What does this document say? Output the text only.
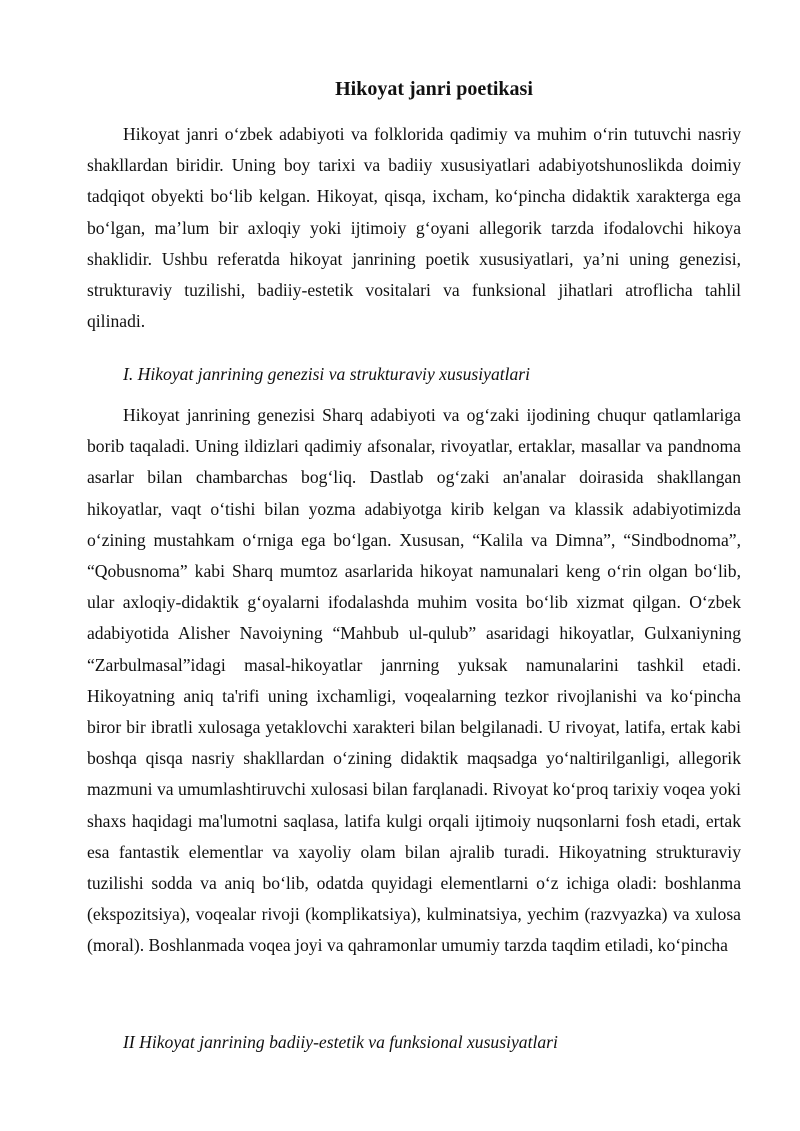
Hikoyat janri poetikasi

Hikoyat janri o‘zbek adabiyoti va folklorida qadimiy va muhim o‘rin tutuvchi nasriy shakllardan biridir. Uning boy tarixi va badiiy xususiyatlari adabiyotshunoslikda doimiy tadqiqot obyekti bo‘lib kelgan. Hikoyat, qisqa, ixcham, ko‘pincha didaktik xarakterga ega bo‘lgan, ma’lum bir axloqiy yoki ijtimoiy g‘oyani allegorik tarzda ifodalovchi hikoya shaklidir. Ushbu referatda hikoyat janrining poetik xususiyatlari, ya’ni uning genezisi, strukturaviy tuzilishi, badiiy-estetik vositalari va funksional jihatlari atroflicha tahlil qilinadi.

I. Hikoyat janrining genezisi va strukturaviy xususiyatlari

Hikoyat janrining genezisi Sharq adabiyoti va og‘zaki ijodining chuqur qatlamlariga borib taqaladi. Uning ildizlari qadimiy afsonalar, rivoyatlar, ertaklar, masallar va pandnoma asarlar bilan chambarchas bog‘liq. Dastlab og‘zaki an'analar doirasida shakllangan hikoyatlar, vaqt o‘tishi bilan yozma adabiyotga kirib kelgan va klassik adabiyotimizda o‘zining mustahkam o‘rniga ega bo‘lgan. Xususan, “Kalila va Dimna”, “Sindbodnoma”, “Qobusnoma” kabi Sharq mumtoz asarlarida hikoyat namunalari keng o‘rin olgan bo‘lib, ular axloqiy-didaktik g‘oyalarni ifodalashda muhim vosita bo‘lib xizmat qilgan. O‘zbek adabiyotida Alisher Navoiyning “Mahbub ul-qulub” asaridagi hikoyatlar, Gulxaniyning “Zarbulmasal”idagi masal-hikoyatlar janrning yuksak namunalarini tashkil etadi. Hikoyatning aniq ta'rifi uning ixchamligi, voqealarning tezkor rivojlanishi va ko‘pincha biror bir ibratli xulosaga yetaklovchi xarakteri bilan belgilanadi. U rivoyat, latifa, ertak kabi boshqa qisqa nasriy shakllardan o‘zining didaktik maqsadga yo‘naltirilganligi, allegorik mazmuni va umumlashtiruvchi xulosasi bilan farqlanadi. Rivoyat ko‘proq tarixiy voqea yoki shaxs haqidagi ma'lumotni saqlasa, latifa kulgi orqali ijtimoiy nuqsonlarni fosh etadi, ertak esa fantastik elementlar va xayoliy olam bilan ajralib turadi. Hikoyatning strukturaviy tuzilishi sodda va aniq bo‘lib, odatda quyidagi elementlarni o‘z ichiga oladi: boshlanma (ekspozitsiya), voqealar rivoji (komplikatsiya), kulminatsiya, yechim (razvyazka) va xulosa (moral). Boshlanmada voqea joyi va qahramonlar umumiy tarzda taqdim etiladi, ko‘pincha

II Hikoyat janrining badiiy-estetik va funksional xususiyatlari
